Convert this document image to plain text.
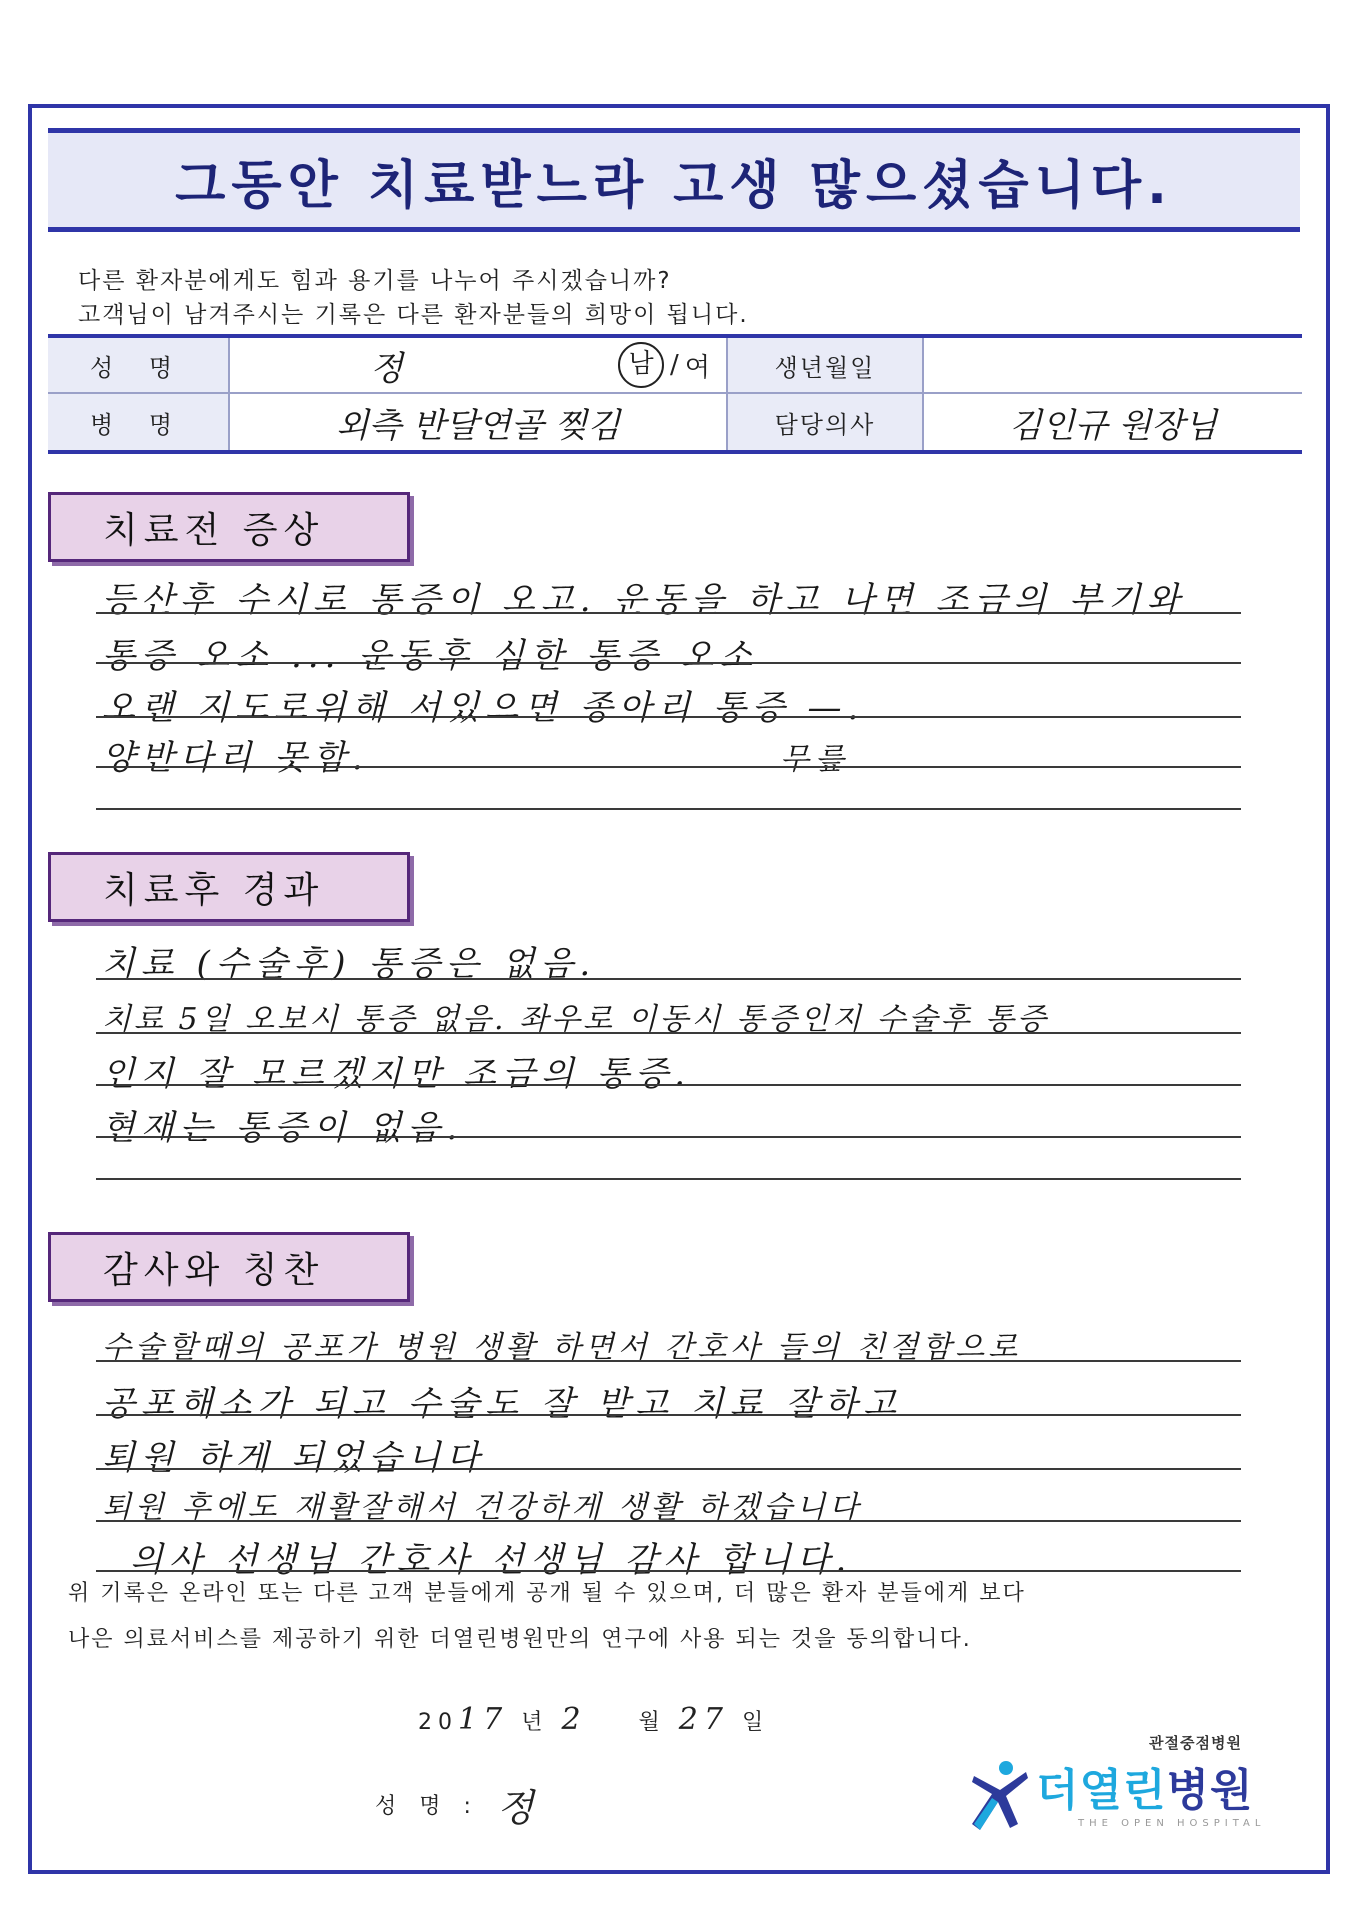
그동안 치료받느라 고생 많으셨습니다.
다른 환자분에게도 힘과 용기를 나누어 주시겠습니까?
고객님이 남겨주시는 기록은 다른 환자분들의 희망이 됩니다.
성 명	정	남 / 여	생년월일
병 명	외측 반달연골 찢김	담당의사	김인규 원장님
치료전 증상
등산후 수시로 통증이 오고. 운동을 하고 나면 조금의 부기와
통증 오소 ... 운동후 심한 통증 오소
오랜 지도로위해 서있으면 종아리 통증 —.
양반다리 못함.	무릎
치료후 경과
치료 (수술후) 통증은 없음.
치료 5일 오보시 통증 없음. 좌우로 이동시 통증인지 수술후 통증
인지 잘 모르겠지만 조금의 통증.
현재는 통증이 없음.
감사와 칭찬
수술할때의 공포가 병원 생활 하면서 간호사 들의 친절함으로
공포해소가 되고 수술도 잘 받고 치료 잘하고
퇴원 하게 되었습니다
퇴원 후에도 재활잘해서 건강하게 생활 하겠습니다
의사 선생님 간호사 선생님 감사 합니다.
위 기록은 온라인 또는 다른 고객 분들에게 공개 될 수 있으며, 더 많은 환자 분들에게 보다
나은 의료서비스를 제공하기 위한 더열린병원만의 연구에 사용 되는 것을 동의합니다.
2017 년 2 월 27 일
성 명 : 정
관절중점병원
더열린병원
THE OPEN HOSPITAL
